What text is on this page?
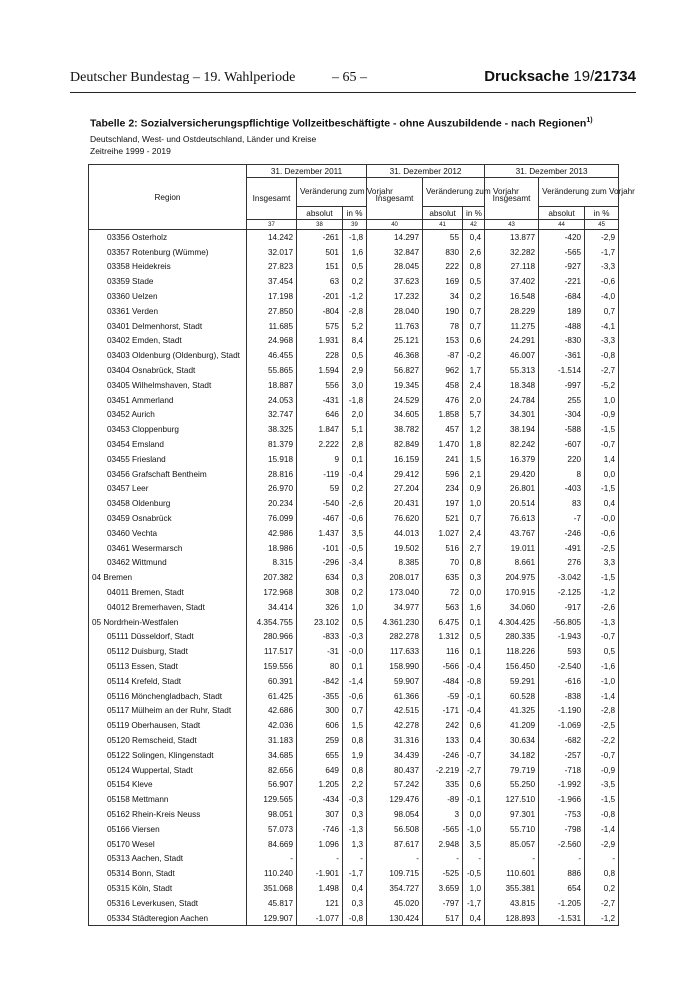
Deutscher Bundestag – 19. Wahlperiode	– 65 –	Drucksache 19/21734
Tabelle 2: Sozialversicherungspflichtige Vollzeitbeschäftigte - ohne Auszubildende - nach Regionen$^{1)}$
Deutschland, West- und Ostdeutschland, Länder und Kreise
Zeitreihe 1999 - 2019
Region	31. Dezember 2011			31. Dezember 2012			31. Dezember 2013		
	Insgesamt	Veränderung zum Vorjahr		Insgesamt	Veränderung zum Vorjahr		Insgesamt	Veränderung zum Vorjahr	
		absolut	in %		absolut	in %		absolut	in %
	37	38	39	40	41	42	43	44	45
03356 Osterholz	14.242	-261	-1,8	14.297	55	0,4	13.877	-420	-2,9
03357 Rotenburg (Wümme)	32.017	501	1,6	32.847	830	2,6	32.282	-565	-1,7
03358 Heidekreis	27.823	151	0,5	28.045	222	0,8	27.118	-927	-3,3
03359 Stade	37.454	63	0,2	37.623	169	0,5	37.402	-221	-0,6
03360 Uelzen	17.198	-201	-1,2	17.232	34	0,2	16.548	-684	-4,0
03361 Verden	27.850	-804	-2,8	28.040	190	0,7	28.229	189	0,7
03401 Delmenhorst, Stadt	11.685	575	5,2	11.763	78	0,7	11.275	-488	-4,1
03402 Emden, Stadt	24.968	1.931	8,4	25.121	153	0,6	24.291	-830	-3,3
03403 Oldenburg (Oldenburg), Stadt	46.455	228	0,5	46.368	-87	-0,2	46.007	-361	-0,8
03404 Osnabrück, Stadt	55.865	1.594	2,9	56.827	962	1,7	55.313	-1.514	-2,7
03405 Wilhelmshaven, Stadt	18.887	556	3,0	19.345	458	2,4	18.348	-997	-5,2
03451 Ammerland	24.053	-431	-1,8	24.529	476	2,0	24.784	255	1,0
03452 Aurich	32.747	646	2,0	34.605	1.858	5,7	34.301	-304	-0,9
03453 Cloppenburg	38.325	1.847	5,1	38.782	457	1,2	38.194	-588	-1,5
03454 Emsland	81.379	2.222	2,8	82.849	1.470	1,8	82.242	-607	-0,7
03455 Friesland	15.918	9	0,1	16.159	241	1,5	16.379	220	1,4
03456 Grafschaft Bentheim	28.816	-119	-0,4	29.412	596	2,1	29.420	8	0,0
03457 Leer	26.970	59	0,2	27.204	234	0,9	26.801	-403	-1,5
03458 Oldenburg	20.234	-540	-2,6	20.431	197	1,0	20.514	83	0,4
03459 Osnabrück	76.099	-467	-0,6	76.620	521	0,7	76.613	-7	-0,0
03460 Vechta	42.986	1.437	3,5	44.013	1.027	2,4	43.767	-246	-0,6
03461 Wesermarsch	18.986	-101	-0,5	19.502	516	2,7	19.011	-491	-2,5
03462 Wittmund	8.315	-296	-3,4	8.385	70	0,8	8.661	276	3,3
04 Bremen	207.382	634	0,3	208.017	635	0,3	204.975	-3.042	-1,5
04011 Bremen, Stadt	172.968	308	0,2	173.040	72	0,0	170.915	-2.125	-1,2
04012 Bremerhaven, Stadt	34.414	326	1,0	34.977	563	1,6	34.060	-917	-2,6
05 Nordrhein-Westfalen	4.354.755	23.102	0,5	4.361.230	6.475	0,1	4.304.425	-56.805	-1,3
05111 Düsseldorf, Stadt	280.966	-833	-0,3	282.278	1.312	0,5	280.335	-1.943	-0,7
05112 Duisburg, Stadt	117.517	-31	-0,0	117.633	116	0,1	118.226	593	0,5
05113 Essen, Stadt	159.556	80	0,1	158.990	-566	-0,4	156.450	-2.540	-1,6
05114 Krefeld, Stadt	60.391	-842	-1,4	59.907	-484	-0,8	59.291	-616	-1,0
05116 Mönchengladbach, Stadt	61.425	-355	-0,6	61.366	-59	-0,1	60.528	-838	-1,4
05117 Mülheim an der Ruhr, Stadt	42.686	300	0,7	42.515	-171	-0,4	41.325	-1.190	-2,8
05119 Oberhausen, Stadt	42.036	606	1,5	42.278	242	0,6	41.209	-1.069	-2,5
05120 Remscheid, Stadt	31.183	259	0,8	31.316	133	0,4	30.634	-682	-2,2
05122 Solingen, Klingenstadt	34.685	655	1,9	34.439	-246	-0,7	34.182	-257	-0,7
05124 Wuppertal, Stadt	82.656	649	0,8	80.437	-2.219	-2,7	79.719	-718	-0,9
05154 Kleve	56.907	1.205	2,2	57.242	335	0,6	55.250	-1.992	-3,5
05158 Mettmann	129.565	-434	-0,3	129.476	-89	-0,1	127.510	-1.966	-1,5
05162 Rhein-Kreis Neuss	98.051	307	0,3	98.054	3	0,0	97.301	-753	-0,8
05166 Viersen	57.073	-746	-1,3	56.508	-565	-1,0	55.710	-798	-1,4
05170 Wesel	84.669	1.096	1,3	87.617	2.948	3,5	85.057	-2.560	-2,9
05313 Aachen, Stadt	-	-	-	-	-	-	-	-	-
05314 Bonn, Stadt	110.240	-1.901	-1,7	109.715	-525	-0,5	110.601	886	0,8
05315 Köln, Stadt	351.068	1.498	0,4	354.727	3.659	1,0	355.381	654	0,2
05316 Leverkusen, Stadt	45.817	121	0,3	45.020	-797	-1,7	43.815	-1.205	-2,7
05334 Städteregion Aachen	129.907	-1.077	-0,8	130.424	517	0,4	128.893	-1.531	-1,2
